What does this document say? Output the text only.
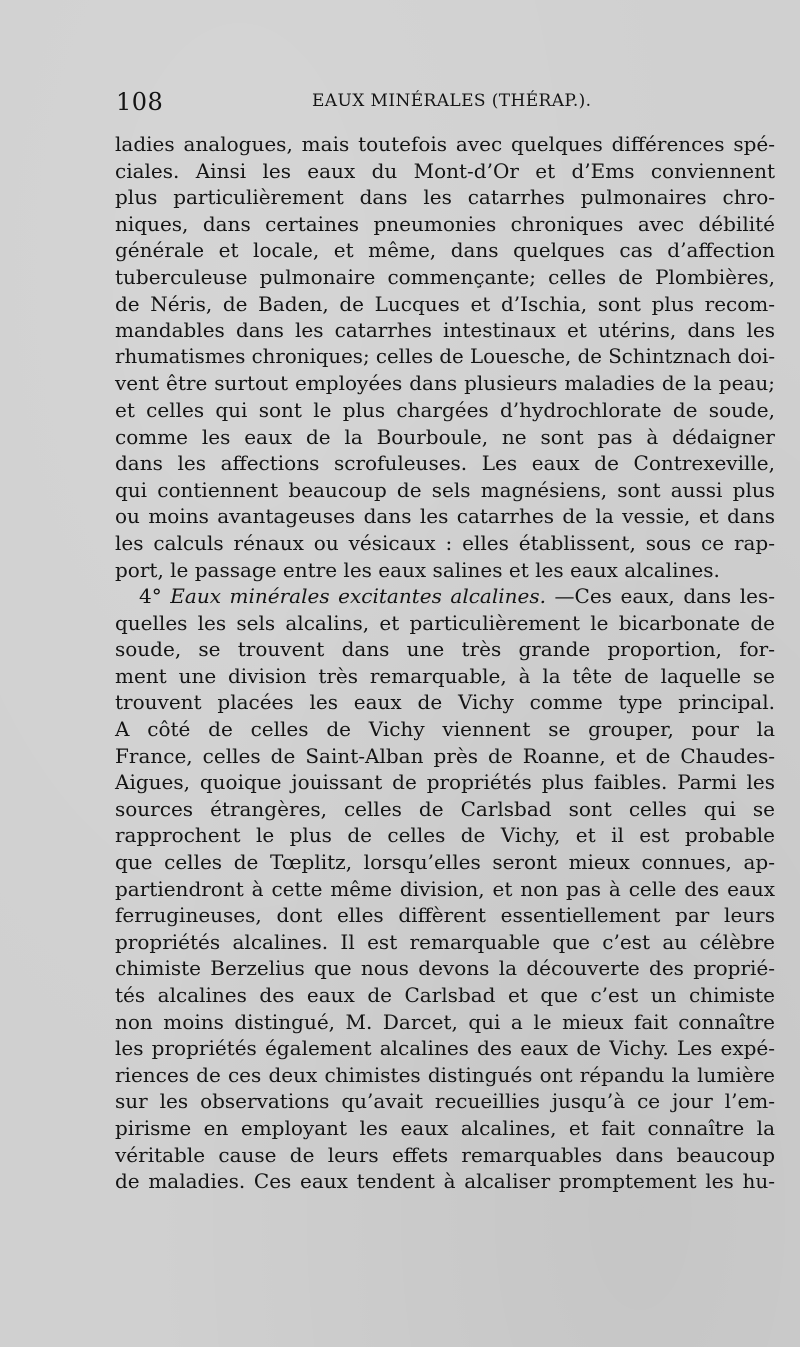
108	EAUX MINÉRALES (THÉRAP.).
ladies analogues, mais toutefois avec quelques différences spé-
ciales. Ainsi les eaux du Mont-d’Or et d’Ems conviennent
plus particulièrement dans les catarrhes pulmonaires chro-
niques, dans certaines pneumonies chroniques avec débilité
générale et locale, et même, dans quelques cas d’affection
tuberculeuse pulmonaire commençante; celles de Plombières,
de Néris, de Baden, de Lucques et d’Ischia, sont plus recom-
mandables dans les catarrhes intestinaux et utérins, dans les
rhumatismes chroniques; celles de Louesche, de Schintznach doi-
vent être surtout employées dans plusieurs maladies de la peau;
et celles qui sont le plus chargées d’hydrochlorate de soude,
comme les eaux de la Bourboule, ne sont pas à dédaigner
dans les affections scrofuleuses. Les eaux de Contrexeville,
qui contiennent beaucoup de sels magnésiens, sont aussi plus
ou moins avantageuses dans les catarrhes de la vessie, et dans
les calculs rénaux ou vésicaux : elles établissent, sous ce rap-
port, le passage entre les eaux salines et les eaux alcalines.
4° Eaux minérales excitantes alcalines. —Ces eaux, dans les-
quelles les sels alcalins, et particulièrement le bicarbonate de
soude, se trouvent dans une très grande proportion, for-
ment une division très remarquable, à la tête de laquelle se
trouvent placées les eaux de Vichy comme type principal.
A côté de celles de Vichy viennent se grouper, pour la
France, celles de Saint-Alban près de Roanne, et de Chaudes-
Aigues, quoique jouissant de propriétés plus faibles. Parmi les
sources étrangères, celles de Carlsbad sont celles qui se
rapprochent le plus de celles de Vichy, et il est probable
que celles de Tœplitz, lorsqu’elles seront mieux connues, ap-
partiendront à cette même division, et non pas à celle des eaux
ferrugineuses, dont elles diffèrent essentiellement par leurs
propriétés alcalines. Il est remarquable que c’est au célèbre
chimiste Berzelius que nous devons la découverte des proprié-
tés alcalines des eaux de Carlsbad et que c’est un chimiste
non moins distingué, M. Darcet, qui a le mieux fait connaître
les propriétés également alcalines des eaux de Vichy. Les expé-
riences de ces deux chimistes distingués ont répandu la lumière
sur les observations qu’avait recueillies jusqu’à ce jour l’em-
pirisme en employant les eaux alcalines, et fait connaître la
véritable cause de leurs effets remarquables dans beaucoup
de maladies. Ces eaux tendent à alcaliser promptement les hu-
